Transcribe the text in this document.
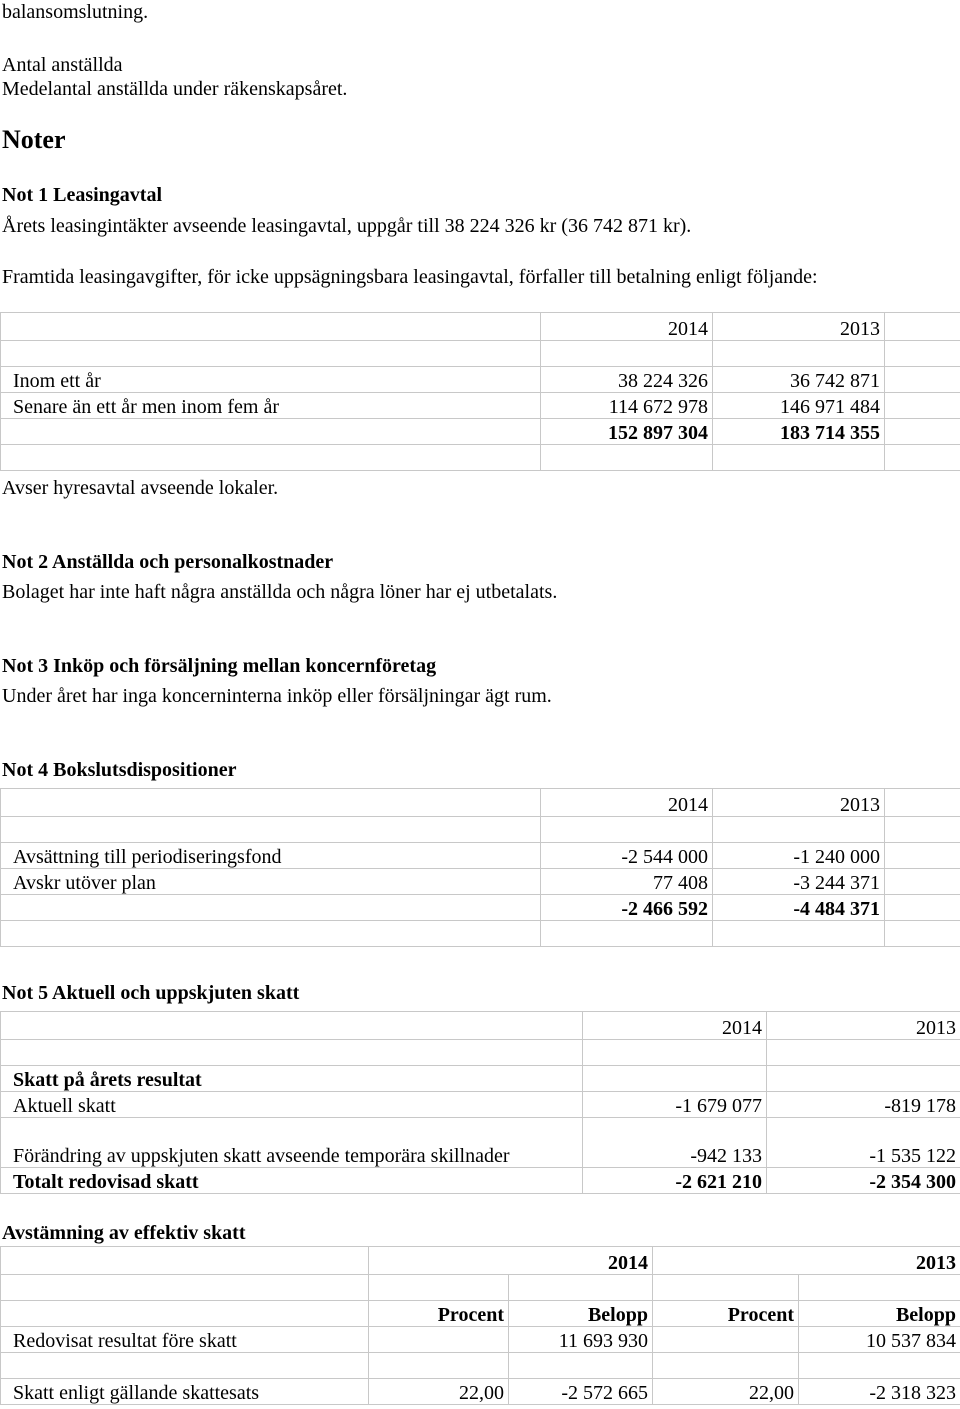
balansomslutning.
Antal anställda
Medelantal anställda under räkenskapsåret.
Noter
Not 1 Leasingavtal
Årets leasingintäkter avseende leasingavtal, uppgår till 38 224 326 kr (36 742 871 kr).
Framtida leasingavgifter, för icke uppsägningsbara leasingavtal, förfaller till betalning enligt följande:
	2014	2013	

Inom ett år	38 224 326	36 742 871	
Senare än ett år men inom fem år	114 672 978	146 971 484	
	152 897 304	183 714 355	

Avser hyresavtal avseende lokaler.
Not 2 Anställda och personalkostnader
Bolaget har inte haft några anställda och några löner har ej utbetalats.
Not 3 Inköp och försäljning mellan koncernföretag
Under året har inga koncerninterna inköp eller försäljningar ägt rum.
Not 4 Bokslutsdispositioner
	2014	2013	

Avsättning till periodiseringsfond	-2 544 000	-1 240 000	
Avskr utöver plan	77 408	-3 244 371	
	-2 466 592	-4 484 371	

Not 5 Aktuell och uppskjuten skatt
	2014	2013

Skatt på årets resultat		
Aktuell skatt	-1 679 077	-819 178
Förändring av uppskjuten skatt avseende temporära skillnader	-942 133	-1 535 122
Totalt redovisad skatt	-2 621 210	-2 354 300
Avstämning av effektiv skatt
	2014		2013	

	Procent	Belopp	Procent	Belopp
Redovisat resultat före skatt		11 693 930		10 537 834

Skatt enligt gällande skattesats	22,00	-2 572 665	22,00	-2 318 323
